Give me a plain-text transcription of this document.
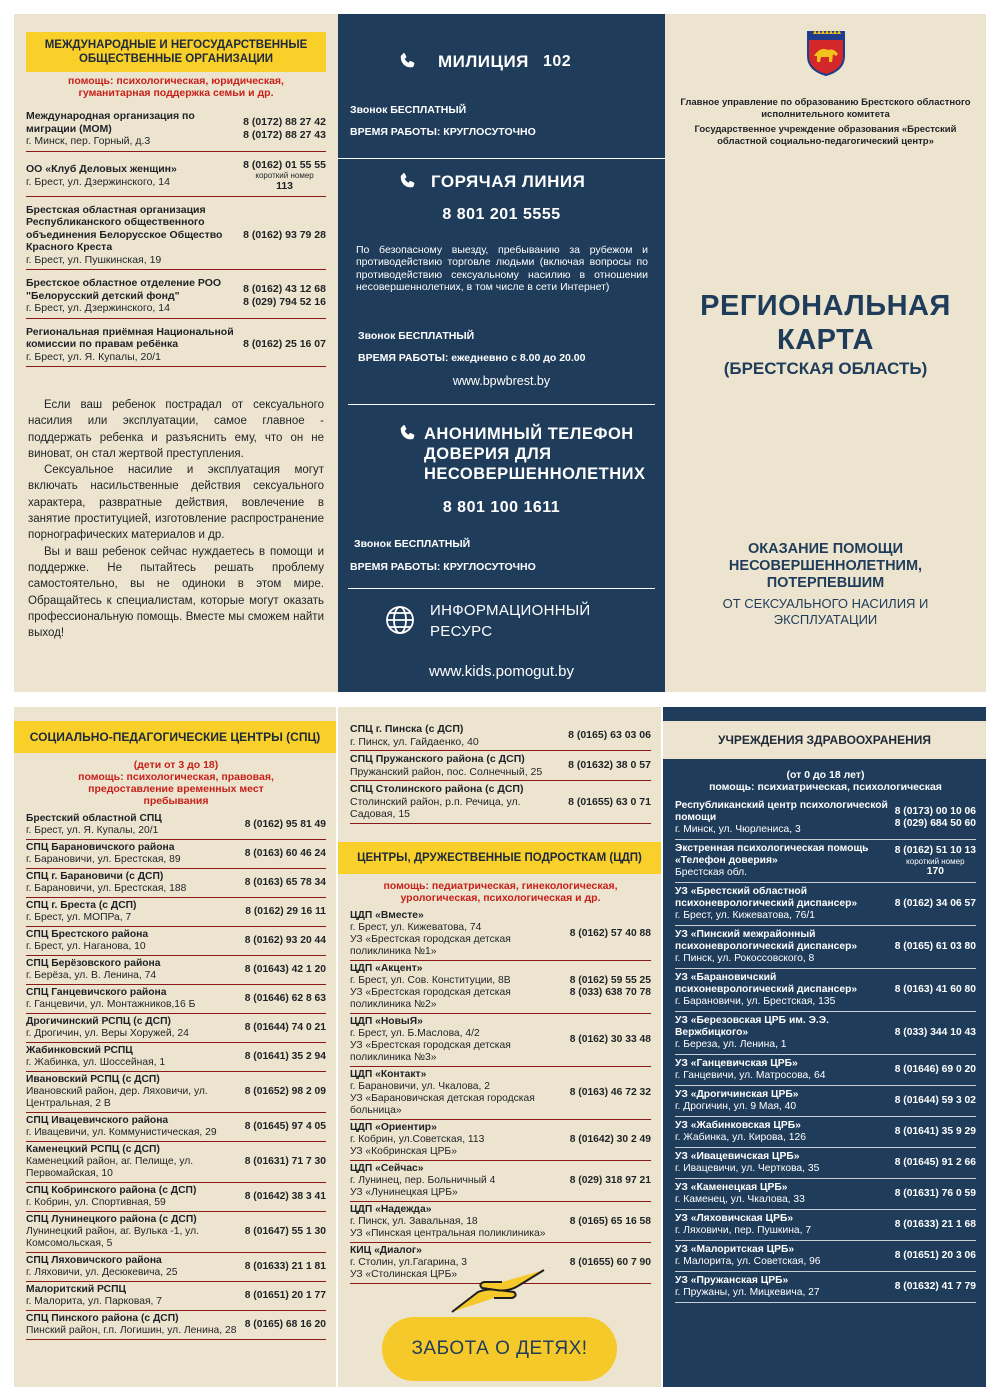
МЕЖДУНАРОДНЫЕ И НЕГОСУДАРСТВЕННЫЕ ОБЩЕСТВЕННЫЕ ОРГАНИЗАЦИИ
помощь: психологическая, юридическая, гуманитарная поддержка семьи и др.
Международная организация по миграции (МОМ)
г. Минск, пер. Горный, д.3
8 (0172) 88 27 42
8 (0172) 88 27 43
ОО «Клуб Деловых женщин»
г. Брест, ул. Дзержинского, 14
8 (0162) 01 55 55
короткий номер
113
Брестская областная организация Республиканского общественного объединения Белорусское Общество Красного Креста
г. Брест, ул. Пушкинская, 19
8 (0162) 93 79 28
Брестское областное отделение РОО "Белорусский детский фонд"
г. Брест, ул. Дзержинского, 14
8 (0162) 43 12 68
8 (029) 794 52 16
Региональная приёмная Национальной комиссии по правам ребёнка
г. Брест, ул. Я. Купалы, 20/1
8 (0162) 25 16 07
Если ваш ребенок пострадал от сексуального насилия или эксплуатации, самое главное - поддержать ребенка и разъяснить ему, что он не виноват, он стал жертвой преступления.
Сексуальное насилие и эксплуатация могут включать насильственные действия сексуального характера, развратные действия, вовлечение в занятие проституцией, изготовление распространение порнографических материалов и др.
Вы и ваш ребенок сейчас нуждаетесь в помощи и поддержке. Не пытайтесь решать проблему самостоятельно, вы не одиноки в этом мире. Обращайтесь к специалистам, которые могут оказать профессиональную помощь. Вместе мы сможем найти выход!
МИЛИЦИЯ 102
Звонок БЕСПЛАТНЫЙ
ВРЕМЯ РАБОТЫ: КРУГЛОСУТОЧНО
ГОРЯЧАЯ ЛИНИЯ
8 801 201 5555
По безопасному выезду, пребыванию за рубежом и противодействию торговле людьми (включая вопросы по противодействию сексуальному насилию в отношении несовершеннолетних, в том числе в сети Интернет)
Звонок БЕСПЛАТНЫЙ
ВРЕМЯ РАБОТЫ: ежедневно с 8.00 до 20.00
www.bpwbrest.by
АНОНИМНЫЙ ТЕЛЕФОН ДОВЕРИЯ ДЛЯ НЕСОВЕРШЕННОЛЕТНИХ
8 801 100 1611
Звонок БЕСПЛАТНЫЙ
ВРЕМЯ РАБОТЫ: КРУГЛОСУТОЧНО
ИНФОРМАЦИОННЫЙ РЕСУРС
www.kids.pomogut.by
Главное управление по образованию Брестского областного исполнительного комитета
Государственное учреждение образования «Брестский областной социально-педагогический центр»
РЕГИОНАЛЬНАЯ
КАРТА
(БРЕСТСКАЯ ОБЛАСТЬ)
ОКАЗАНИЕ ПОМОЩИ НЕСОВЕРШЕННОЛЕТНИМ, ПОТЕРПЕВШИМ
ОТ СЕКСУАЛЬНОГО НАСИЛИЯ И ЭКСПЛУАТАЦИИ
СОЦИАЛЬНО-ПЕДАГОГИЧЕСКИЕ ЦЕНТРЫ (СПЦ)
(дети от 3 до 18)
помощь: психологическая, правовая, предоставление временных мест пребывания
Брестский областной СПЦ
г. Брест, ул. Я. Купалы, 20/1
8 (0162) 95 81 49
СПЦ Барановичского района
г. Барановичи, ул. Брестская, 89
8 (0163) 60 46 24
СПЦ г. Барановичи (с ДСП)
г. Барановичи, ул. Брестская, 188
8 (0163) 65 78 34
СПЦ г. Бреста (с ДСП)
г. Брест, ул. МОПРа, 7
8 (0162) 29 16 11
СПЦ Брестского района
г. Брест, ул. Наганова, 10
8 (0162) 93 20 44
СПЦ Берёзовского района
г. Берёза, ул. В. Ленина, 74
8 (01643) 42 1 20
СПЦ Ганцевичского района
г. Ганцевичи, ул. Монтажников,16 Б
8 (01646) 62 8 63
Дрогичинский РСПЦ (с ДСП)
г. Дрогичин, ул. Веры Хоружей, 24
8 (01644) 74 0 21
Жабинковский РСПЦ
г. Жабинка, ул. Шоссейная, 1
8 (01641) 35 2 94
Ивановский РСПЦ (с ДСП)
Ивановский район, дер. Ляховичи, ул. Центральная, 2 В
8 (01652) 98 2 09
СПЦ Ивацевичского района
г. Ивацевичи, ул. Коммунистическая, 29
8 (01645) 97 4 05
Каменецкий РСПЦ (с ДСП)
Каменецкий район, аг. Пелище, ул. Первомайская, 10
8 (01631) 71 7 30
СПЦ Кобринского района (с ДСП)
г. Кобрин, ул. Спортивная, 59
8 (01642) 38 3 41
СПЦ Лунинецкого района (с ДСП)
Лунинецкий район, аг. Вулька -1, ул. Комсомольская, 5
8 (01647) 55 1 30
СПЦ Ляховичского района
г. Ляховичи, ул. Десюкевича, 25
8 (01633) 21 1 81
Малоритский РСПЦ
г. Малорита, ул. Парковая, 7
8 (01651) 20 1 77
СПЦ Пинского района (с ДСП)
Пинский район, г.п. Логишин, ул. Ленина, 28
8 (0165) 68 16 20
СПЦ г. Пинска (с ДСП)
г. Пинск, ул. Гайдаенко, 40
8 (0165) 63 03 06
СПЦ Пружанского района (с ДСП)
Пружанский район, пос. Солнечный, 25
8 (01632) 38 0 57
СПЦ Столинского района (с ДСП)
Столинский район, р.п. Речица, ул. Садовая, 15
8 (01655) 63 0 71
ЦЕНТРЫ, ДРУЖЕСТВЕННЫЕ ПОДРОСТКАМ (ЦДП)
помощь: педиатрическая, гинекологическая, урологическая, психологическая и др.
ЦДП «Вместе»
г. Брест, ул. Кижеватова, 74
УЗ «Брестская городская детская поликлиника №1»
8 (0162) 57 40 88
ЦДП «Акцент»
г. Брест, ул. Сов. Конституции, 8В
УЗ «Брестская городская детская поликлиника №2»
8 (0162) 59 55 25
8 (033) 638 70 78
ЦДП «НовыЯ»
г. Брест, ул. Б.Маслова, 4/2
УЗ «Брестская городская детская поликлиника №3»
8 (0162) 30 33 48
ЦДП «Контакт»
г. Барановичи, ул. Чкалова, 2
УЗ «Барановичская детская городская больница»
8 (0163) 46 72 32
ЦДП «Ориентир»
г. Кобрин, ул.Советская, 113
УЗ «Кобринская ЦРБ»
8 (01642) 30 2 49
ЦДП «Сейчас»
г. Лунинец, пер. Больничный 4
УЗ «Лунинецкая ЦРБ»
8 (029) 318 97 21
ЦДП «Надежда»
г. Пинск, ул. Завальная, 18
УЗ «Пинская центральная поликлиника»
8 (0165) 65 16 58
КИЦ «Диалог»
г. Столин, ул.Гагарина, 3
УЗ «Столинская ЦРБ»
8 (01655) 60 7 90
ЗАБОТА О ДЕТЯХ!
УЧРЕЖДЕНИЯ ЗДРАВООХРАНЕНИЯ
(от 0 до 18 лет)
помощь: психиатрическая, психологическая
Республиканский центр психологической помощи
г. Минск, ул. Чюрлениса, 3
8 (0173) 00 10 06
8 (029) 684 50 60
Экстренная психологическая помощь «Телефон доверия»
Брестская обл.
8 (0162) 51 10 13
короткий номер
170
УЗ «Брестский областной психоневрологический диспансер»
г. Брест, ул. Кижеватова, 76/1
8 (0162) 34 06 57
УЗ «Пинский межрайонный психоневрологический диспансер»
г. Пинск, ул. Рокоссовского, 8
8 (0165) 61 03 80
УЗ «Барановичский психоневрологический диспансер»
г. Барановичи, ул. Брестская, 135
8 (0163) 41 60 80
УЗ «Березовская ЦРБ им. Э.Э. Вержбицкого»
г. Береза, ул. Ленина, 1
8 (033) 344 10 43
УЗ «Ганцевичская ЦРБ»
г. Ганцевичи, ул. Матросова, 64
8 (01646) 69 0 20
УЗ «Дрогичинская ЦРБ»
г. Дрогичин, ул. 9 Мая, 40
8 (01644) 59 3 02
УЗ «Жабинковская ЦРБ»
г. Жабинка, ул. Кирова, 126
8 (01641) 35 9 29
УЗ «Ивацевичская ЦРБ»
г. Ивацевичи, ул. Черткова, 35
8 (01645) 91 2 66
УЗ «Каменецкая ЦРБ»
г. Каменец, ул. Чкалова, 33
8 (01631) 76 0 59
УЗ «Ляховичская ЦРБ»
г. Ляховичи, пер. Пушкина, 7
8 (01633) 21 1 68
УЗ «Малоритская ЦРБ»
г. Малорита, ул. Советская, 96
8 (01651) 20 3 06
УЗ «Пружанская ЦРБ»
г. Пружаны, ул. Мицкевича, 27
8 (01632) 41 7 79
